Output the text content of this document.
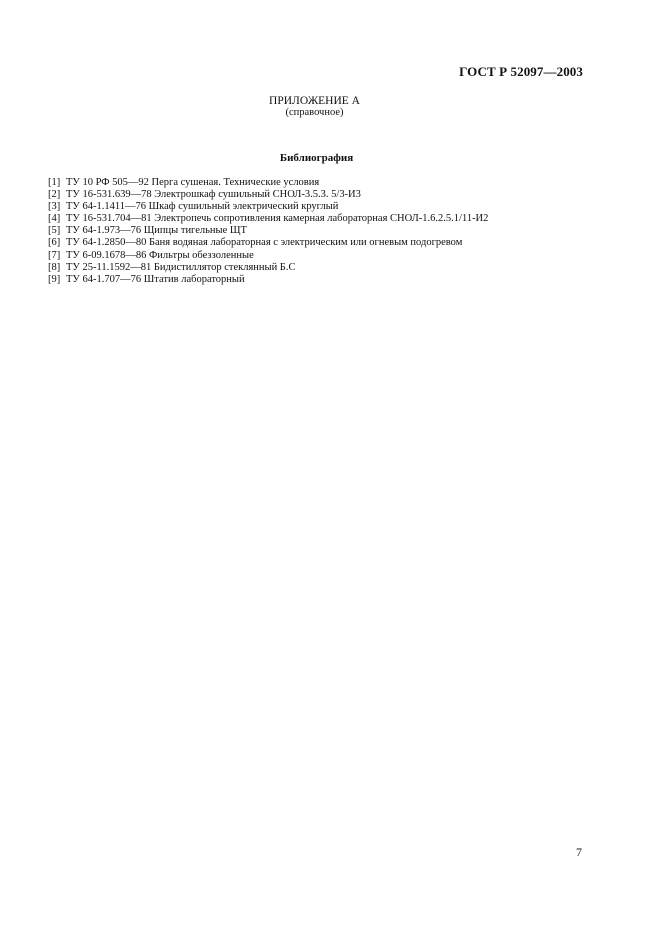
ГОСТ Р 52097—2003
ПРИЛОЖЕНИЕ А
(справочное)
Библиография
[1] ТУ 10 РФ 505—92 Перга сушеная. Технические условия
[2] ТУ 16-531.639—78 Электрошкаф сушильный СНОЛ-3.5.3. 5/3-И3
[3] ТУ 64-1.1411—76 Шкаф сушильный электрический круглый
[4] ТУ 16-531.704—81 Электропечь сопротивления камерная лабораторная СНОЛ-1.6.2.5.1/11-И2
[5] ТУ 64-1.973—76 Щипцы тигельные ЩТ
[6] ТУ 64-1.2850—80 Баня водяная лабораторная с электрическим или огневым подогревом
[7] ТУ 6-09.1678—86 Фильтры обеззоленные
[8] ТУ 25-11.1592—81 Бидистиллятор стеклянный Б.С
[9] ТУ 64-1.707—76 Штатив лабораторный
7
